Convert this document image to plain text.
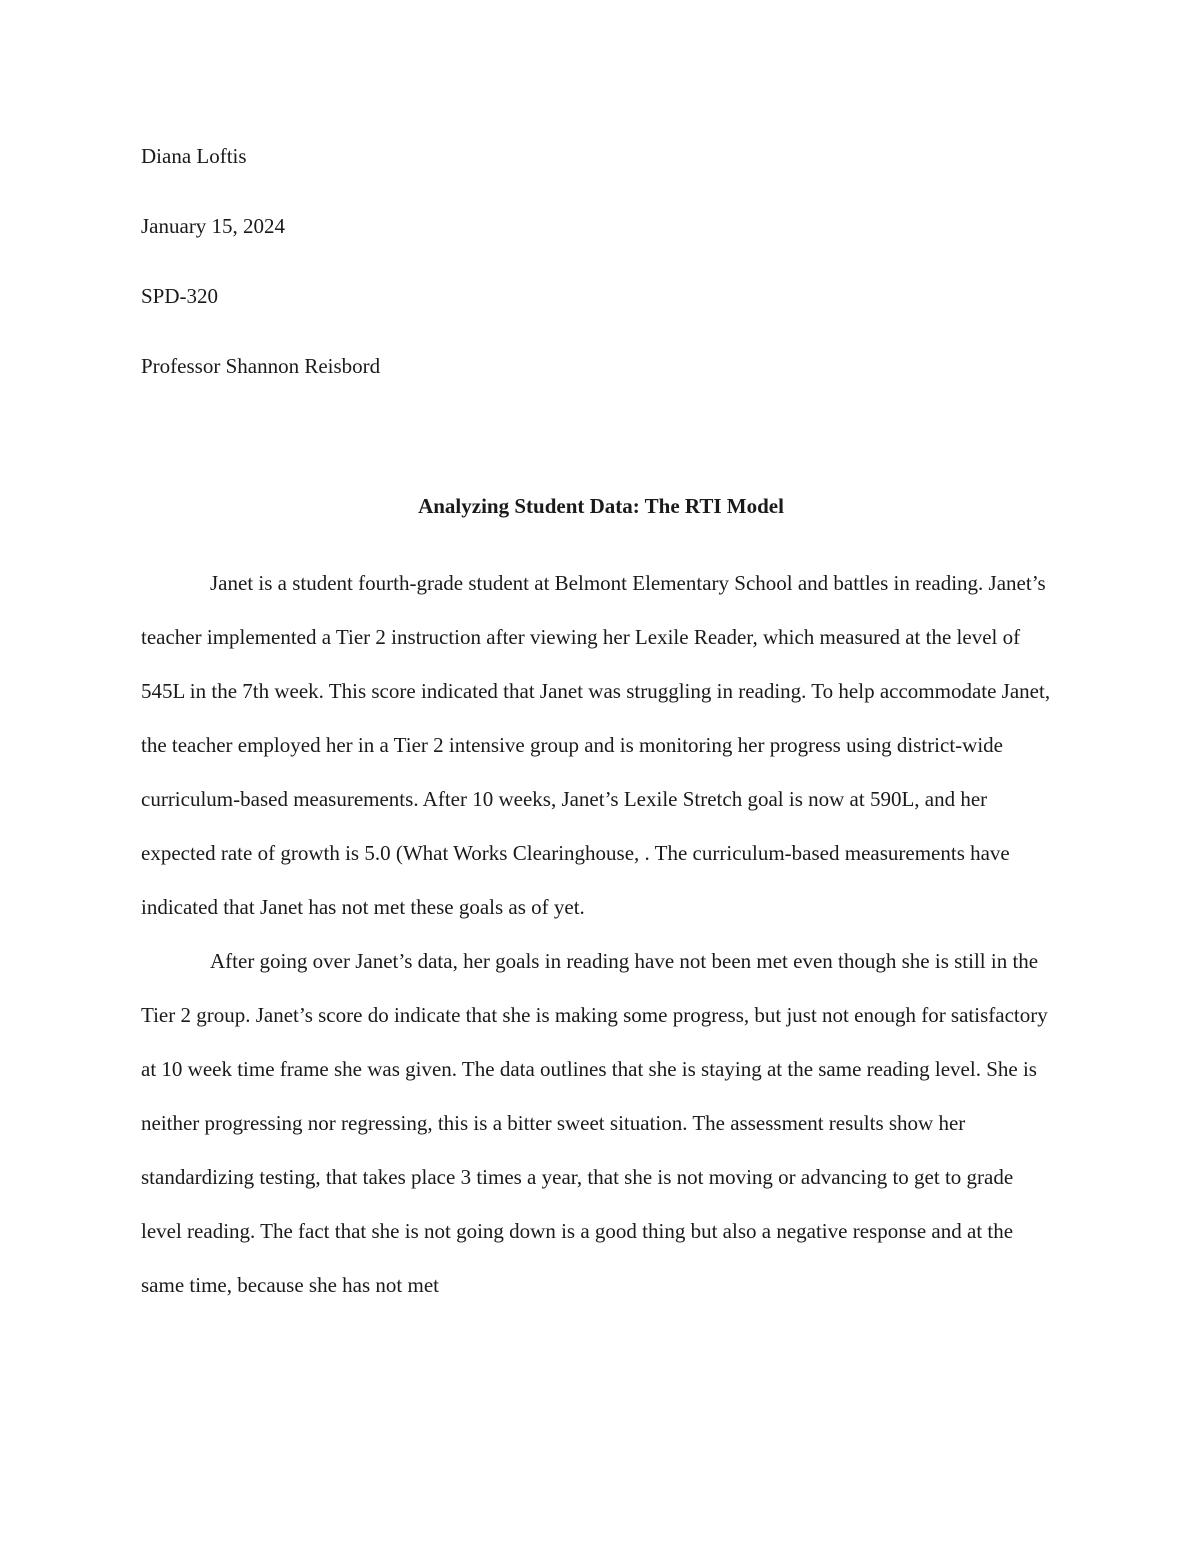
Diana Loftis
January 15, 2024
SPD-320
Professor Shannon Reisbord
Analyzing Student Data: The RTI Model

Janet is a student fourth-grade student at Belmont Elementary School and battles in reading. Janet’s teacher implemented a Tier 2 instruction after viewing her Lexile Reader, which measured at the level of 545L in the 7th week. This score indicated that Janet was struggling in reading. To help accommodate Janet, the teacher employed her in a Tier 2 intensive group and is monitoring her progress using district-wide curriculum-based measurements. After 10 weeks, Janet’s Lexile Stretch goal is now at 590L, and her expected rate of growth is 5.0 (What Works Clearinghouse, . The curriculum-based measurements have indicated that Janet has not met these goals as of yet.

After going over Janet’s data, her goals in reading have not been met even though she is still in the Tier 2 group. Janet’s score do indicate that she is making some progress, but just not enough for satisfactory at 10 week time frame she was given. The data outlines that she is staying at the same reading level. She is neither progressing nor regressing, this is a bitter sweet situation. The assessment results show her standardizing testing, that takes place 3 times a year, that she is not moving or advancing to get to grade level reading. The fact that she is not going down is a good thing but also a negative response and at the same time, because she has not met
